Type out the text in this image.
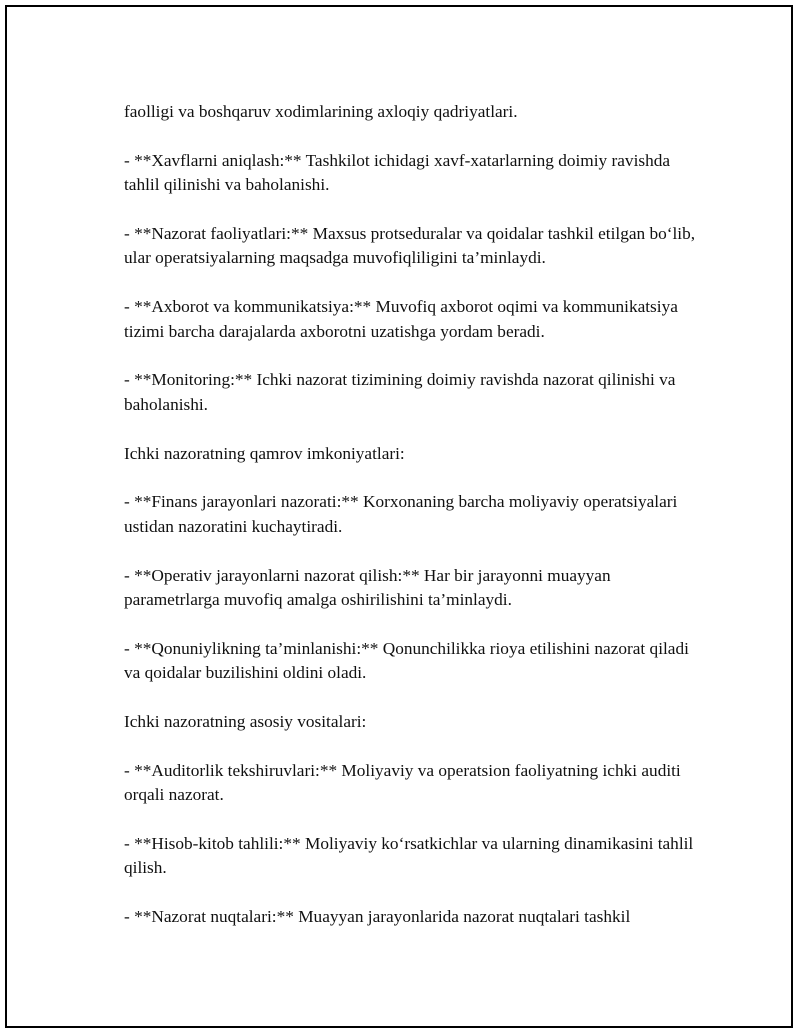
faolligi va boshqaruv xodimlarining axloqiy qadriyatlari.

- **Xavflarni aniqlash:** Tashkilot ichidagi xavf-xatarlarning doimiy ravishda tahlil qilinishi va baholanishi.

- **Nazorat faoliyatlari:** Maxsus protseduralar va qoidalar tashkil etilgan bo‘lib, ular operatsiyalarning maqsadga muvofiqliligini ta’minlaydi.

- **Axborot va kommunikatsiya:** Muvofiq axborot oqimi va kommunikatsiya tizimi barcha darajalarda axborotni uzatishga yordam beradi.

- **Monitoring:** Ichki nazorat tizimining doimiy ravishda nazorat qilinishi va baholanishi.

Ichki nazoratning qamrov imkoniyatlari:

- **Finans jarayonlari nazorati:** Korxonaning barcha moliyaviy operatsiyalari ustidan nazoratini kuchaytiradi.

- **Operativ jarayonlarni nazorat qilish:** Har bir jarayonni muayyan parametrlarga muvofiq amalga oshirilishini ta’minlaydi.

- **Qonuniylikning ta’minlanishi:** Qonunchilikka rioya etilishini nazorat qiladi va qoidalar buzilishini oldini oladi.

Ichki nazoratning asosiy vositalari:

- **Auditorlik tekshiruvlari:** Moliyaviy va operatsion faoliyatning ichki auditi orqali nazorat.

- **Hisob-kitob tahlili:** Moliyaviy ko‘rsatkichlar va ularning dinamikasini tahlil qilish.

- **Nazorat nuqtalari:** Muayyan jarayonlarida nazorat nuqtalari tashkil
